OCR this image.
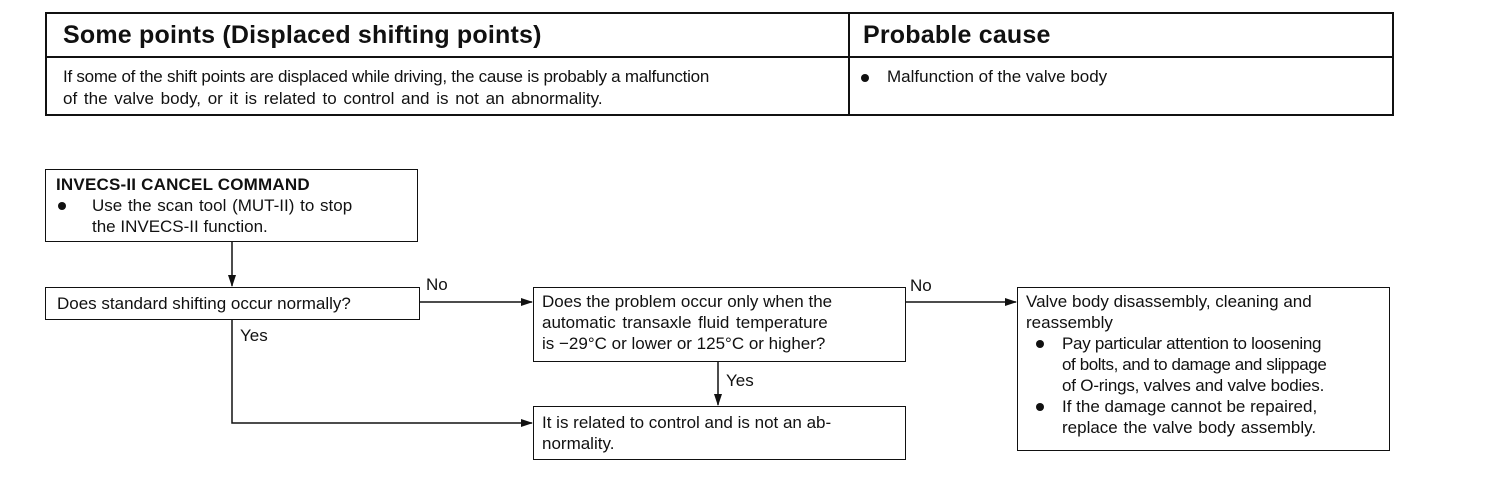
Some points (Displaced shifting points)	Probable cause
If some of the shift points are displaced while driving, the cause is probably a malfunction
of the valve body, or it is related to control and is not an abnormality.
Malfunction of the valve body
INVECS-II CANCEL COMMAND
Use the scan tool (MUT-II) to stop
the INVECS-II function.
Does standard shifting occur normally?	Does the problem occur only when the
automatic transaxle fluid temperature
is −29°C or lower or 125°C or higher?
It is related to control and is not an ab-
normality.
Valve body disassembly, cleaning and
reassembly
Pay particular attention to loosening
of bolts, and to damage and slippage
of O-rings, valves and valve bodies.
If the damage cannot be repaired,
replace the valve body assembly.
No
Yes
No
Yes
